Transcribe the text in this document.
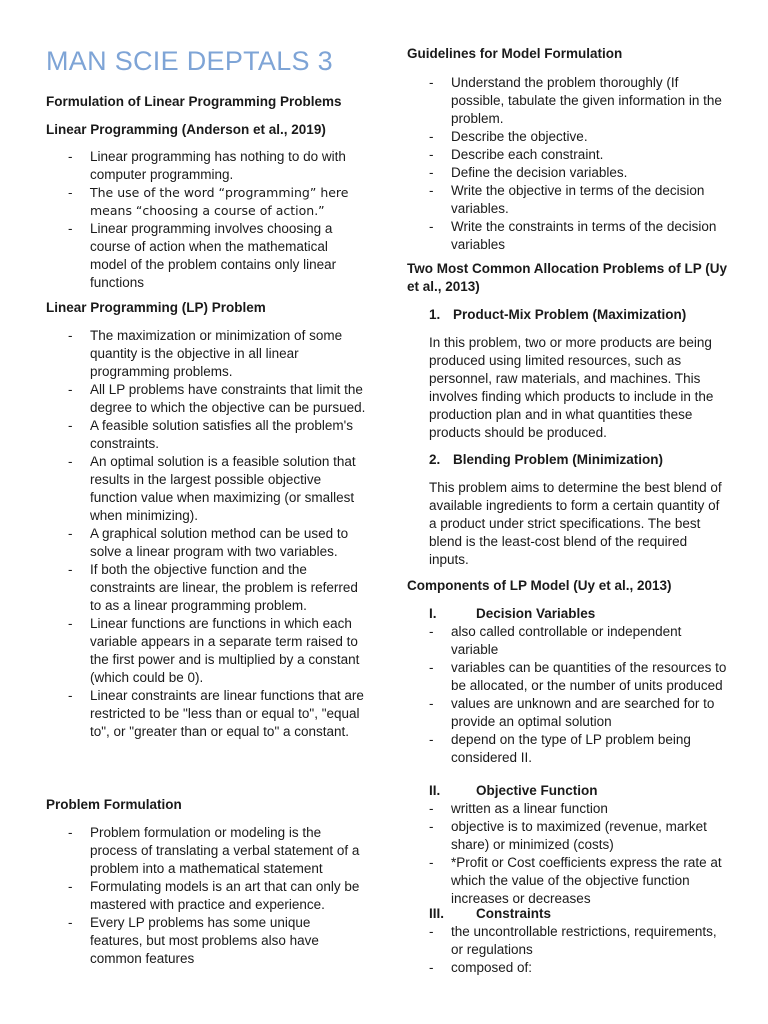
MAN SCIE DEPTALS 3
Formulation of Linear Programming Problems
Linear Programming (Anderson et al., 2019)
- Linear programming has nothing to do with computer programming.
- The use of the word “programming” here means “choosing a course of action.”
- Linear programming involves choosing a course of action when the mathematical model of the problem contains only linear functions
Linear Programming (LP) Problem
- The maximization or minimization of some quantity is the objective in all linear programming problems.
- All LP problems have constraints that limit the degree to which the objective can be pursued.
- A feasible solution satisfies all the problem's constraints.
- An optimal solution is a feasible solution that results in the largest possible objective function value when maximizing (or smallest when minimizing).
- A graphical solution method can be used to solve a linear program with two variables.
- If both the objective function and the constraints are linear, the problem is referred to as a linear programming problem.
- Linear functions are functions in which each variable appears in a separate term raised to the first power and is multiplied by a constant (which could be 0).
- Linear constraints are linear functions that are restricted to be "less than or equal to", "equal to", or "greater than or equal to" a constant.
Problem Formulation
- Problem formulation or modeling is the process of translating a verbal statement of a problem into a mathematical statement
- Formulating models is an art that can only be mastered with practice and experience.
- Every LP problems has some unique features, but most problems also have common features
Guidelines for Model Formulation
- Understand the problem thoroughly (If possible, tabulate the given information in the problem.
- Describe the objective.
- Describe each constraint.
- Define the decision variables.
- Write the objective in terms of the decision variables.
- Write the constraints in terms of the decision variables
Two Most Common Allocation Problems of LP (Uy et al., 2013)
1. Product-Mix Problem (Maximization)

In this problem, two or more products are being produced using limited resources, such as personnel, raw materials, and machines. This involves finding which products to include in the production plan and in what quantities these products should be produced.

2. Blending Problem (Minimization)

This problem aims to determine the best blend of available ingredients to form a certain quantity of a product under strict specifications. The best blend is the least-cost blend of the required inputs.

Components of LP Model (Uy et al., 2013)
I.	Decision Variables
- also called controllable or independent variable
- variables can be quantities of the resources to be allocated, or the number of units produced
- values are unknown and are searched for to provide an optimal solution
- depend on the type of LP problem being considered II.
II.	Objective Function
- written as a linear function
- objective is to maximized (revenue, market share) or minimized (costs)
- *Profit or Cost coefficients express the rate at which the value of the objective function increases or decreases
III. Constraints
- the uncontrollable restrictions, requirements, or regulations
- composed of:
